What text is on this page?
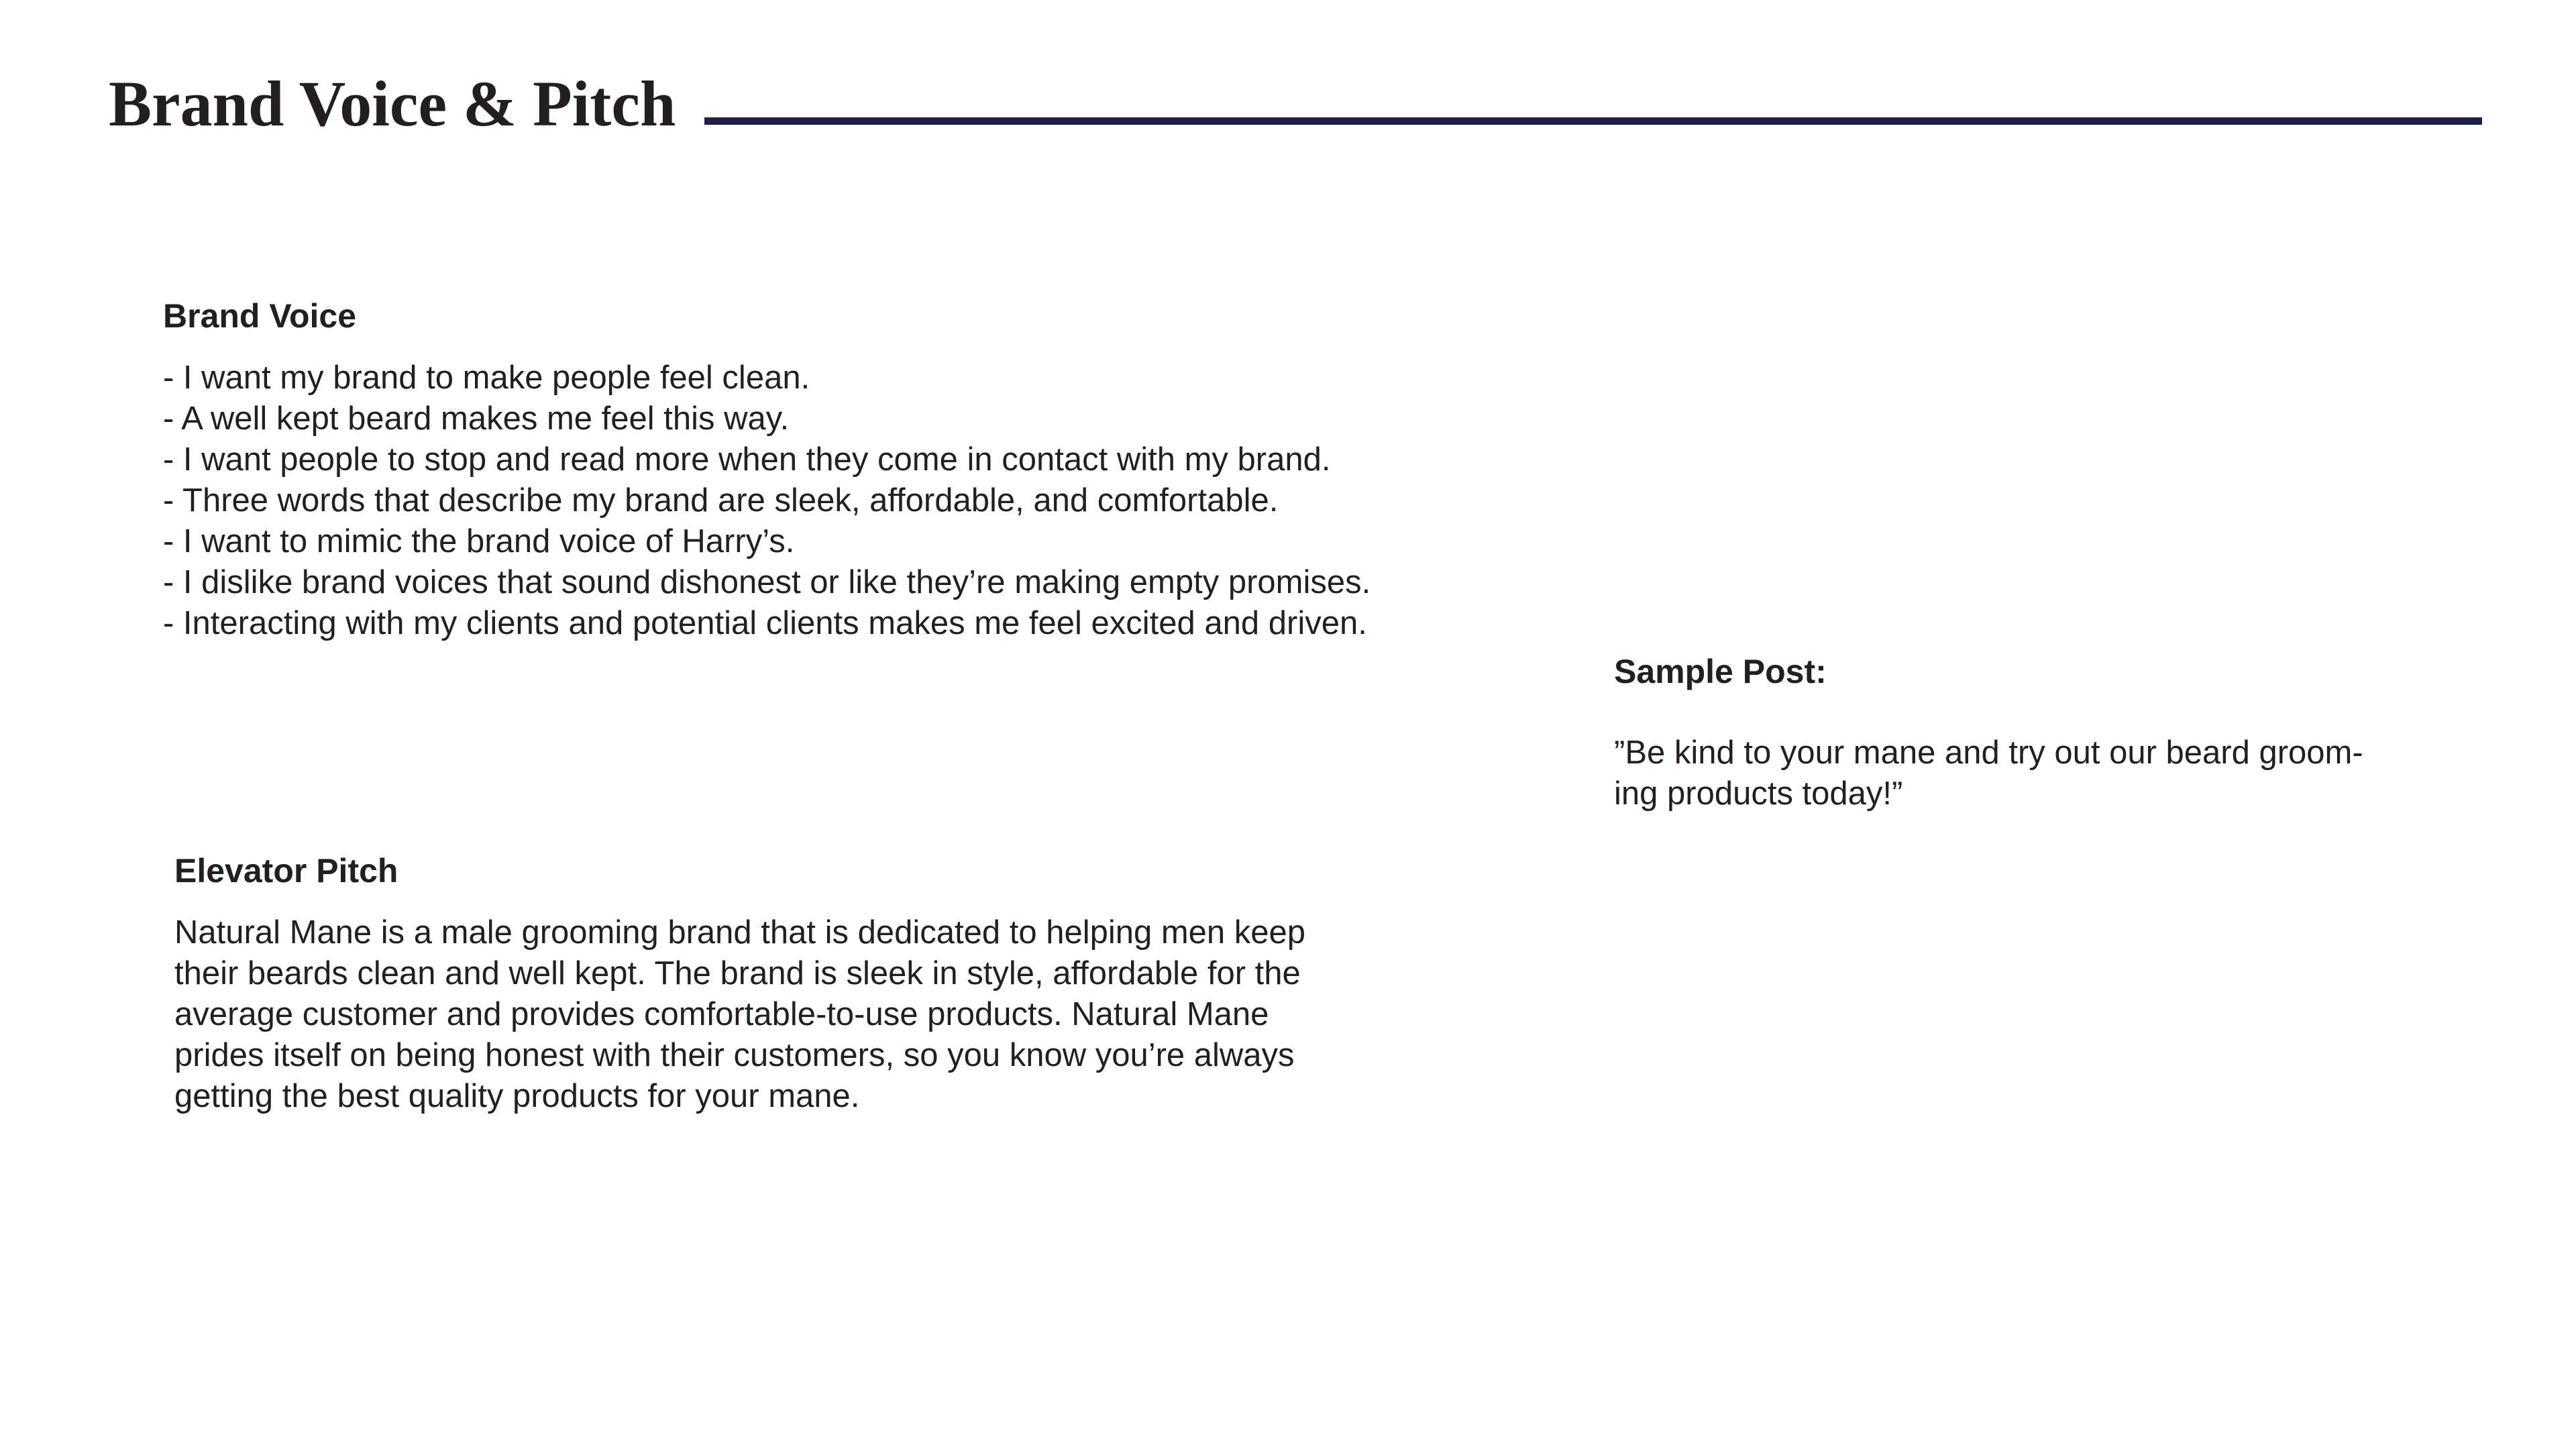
Brand Voice & Pitch
Brand Voice

- I want my brand to make people feel clean.

- A well kept beard makes me feel this way.

- I want people to stop and read more when they come in contact with my brand.

- Three words that describe my brand are sleek, affordable, and comfortable.

- I want to mimic the brand voice of Harry’s.

- I dislike brand voices that sound dishonest or like they’re making empty promises.

- Interacting with my clients and potential clients makes me feel excited and driven.

Elevator Pitch

Natural Mane is a male grooming brand that is dedicated to helping men keep

their beards clean and well kept. The brand is sleek in style, affordable for the

average customer and provides comfortable-to-use products. Natural Mane

prides itself on being honest with their customers, so you know you’re always

getting the best quality products for your mane.

Sample Post:

”Be kind to your mane and try out our beard groom-

ing products today!”
